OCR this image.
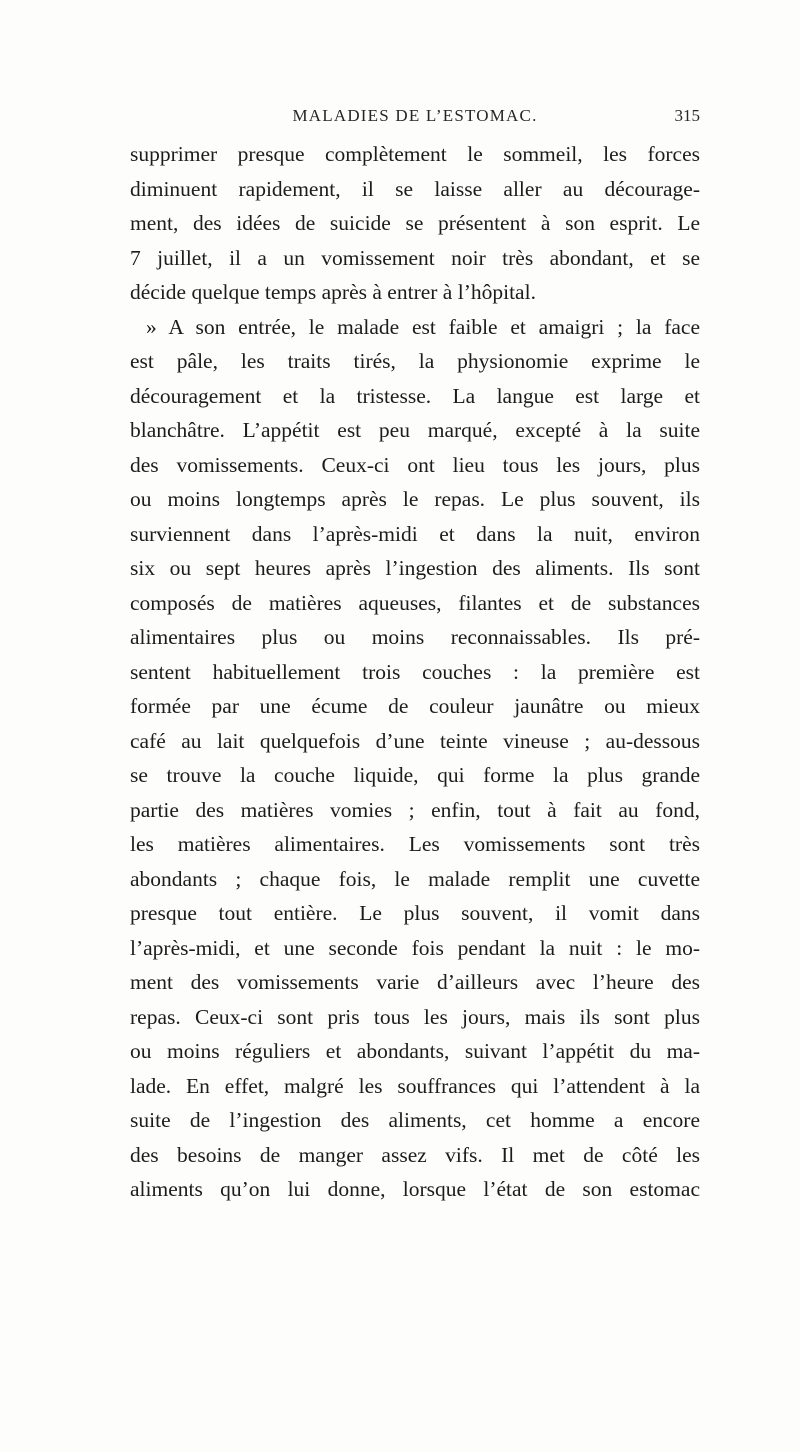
MALADIES DE L’ESTOMAC.	315
supprimer presque complètement le sommeil, les forces
diminuent rapidement, il se laisse aller au découragе-
ment, des idées de suicide se présentent à son esprit. Le
7 juillet, il a un vomissement noir très abondant, et se
décide quelque temps après à entrer à l’hôpital.
» A son entrée, le malade est faible et amaigri ; la face
est pâle, les traits tirés, la physionomie exprime le
découragement et la tristesse. La langue est large et
blanchâtre. L’appétit est peu marqué, excepté à la suite
des vomissements. Ceux-ci ont lieu tous les jours, plus
ou moins longtemps après le repas. Le plus souvent, ils
surviennent dans l’après-midi et dans la nuit, environ
six ou sept heures après l’ingestion des aliments. Ils sont
composés de matières aqueuses, filantes et de substances
alimentaires plus ou moins reconnaissables. Ils pré-
sentent habituellement trois couches : la première est
formée par une écume de couleur jaunâtre ou mieux
café au lait quelquefois d’une teinte vineuse ; au-dessous
se trouve la couche liquide, qui forme la plus grande
partie des matières vomies ; enfin, tout à fait au fond,
les matières alimentaires. Les vomissements sont très
abondants ; chaque fois, le malade remplit une cuvette
presque tout entière. Le plus souvent, il vomit dans
l’après-midi, et une seconde fois pendant la nuit : le mo-
ment des vomissements varie d’ailleurs avec l’heure des
repas. Ceux-ci sont pris tous les jours, mais ils sont plus
ou moins réguliers et abondants, suivant l’appétit du ma-
lade. En effet, malgré les souffrances qui l’attendent à la
suite de l’ingestion des aliments, cet homme a encore
des besoins de manger assez vifs. Il met de côté les
aliments qu’on lui donne, lorsque l’état de son estomac
